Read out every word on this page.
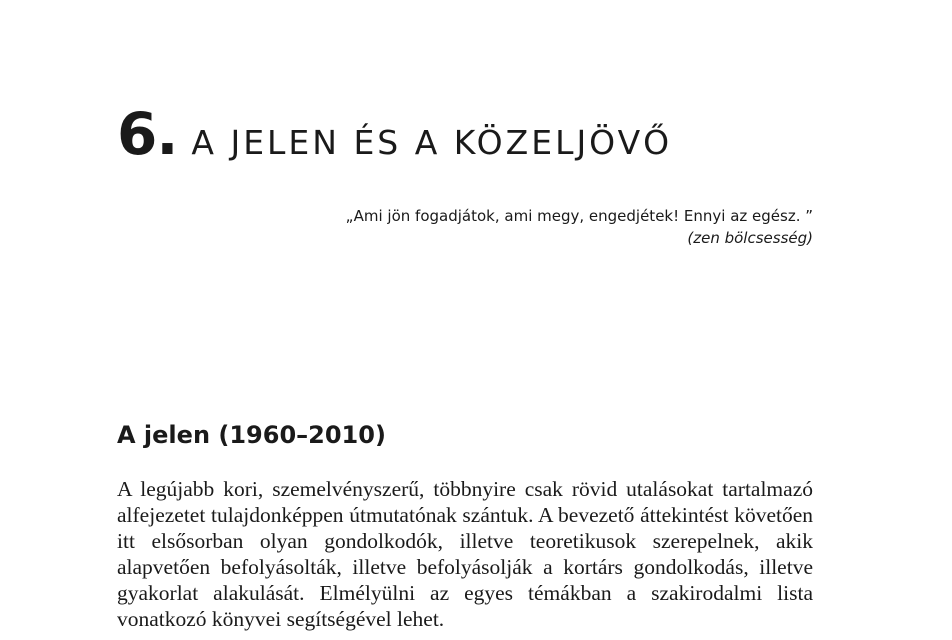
6. A JELEN ÉS A KÖZELJÖVŐ
„Ami jön fogadjátok, ami megy, engedjétek! Ennyi az egész. ”
(zen bölcsesség)
A jelen (1960–2010)

A legújabb kori, szemelvényszerű, többnyire csak rövid utalásokat tartalmazó alfejezetet tulajdonképpen útmutatónak szántuk. A bevezető áttekintést követően itt elsősorban olyan gondolkodók, illetve teoretikusok szerepelnek, akik alapvetően befolyásolták, illetve befolyásolják a kortárs gondolkodás, illetve gyakorlat alakulását. Elmélyülni az egyes témákban a szakirodalmi lista vonatkozó könyvei segítségével lehet.
